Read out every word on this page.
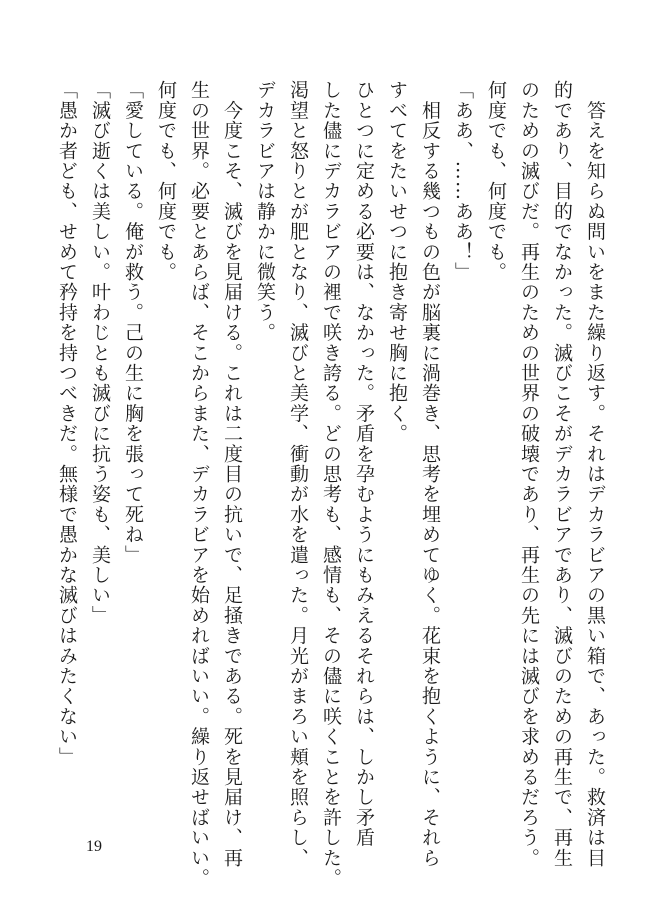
　答えを知らぬ問いをまた繰り返す。それはデカラビアの黒い箱で、あった。救済は目
的であり、目的でなかった。滅びこそがデカラビアであり、滅びのための再生で、再生
のための滅びだ。再生のための世界の破壊であり、再生の先には滅びを求めるだろう。
何度でも、何度でも。
「ああ、……ああ！」
　相反する幾つもの色が脳裏に渦巻き、思考を埋めてゆく。花束を抱くように、それら
すべてをたいせつに抱き寄せ胸に抱く。
ひとつに定める必要は、なかった。矛盾を孕むようにもみえるそれらは、しかし矛盾
した儘にデカラビアの裡で咲き誇る。どの思考も、感情も、その儘に咲くことを許した。
渇望と怒りとが肥となり、滅びと美学、衝動が水を遣った。月光がまろい頬を照らし、
デカラビアは静かに微笑う。
　今度こそ、滅びを見届ける。これは二度目の抗いで、足掻きである。死を見届け、再
生の世界。必要とあらば、そこからまた、デカラビアを始めればいい。繰り返せばいい。
何度でも、何度でも。
「愛している。俺が救う。己の生に胸を張って死ね」
「滅び逝くは美しい。叶わじとも滅びに抗う姿も、美しい」
「愚か者ども、せめて矜持を持つべきだ。無様で愚かな滅びはみたくない」
19
